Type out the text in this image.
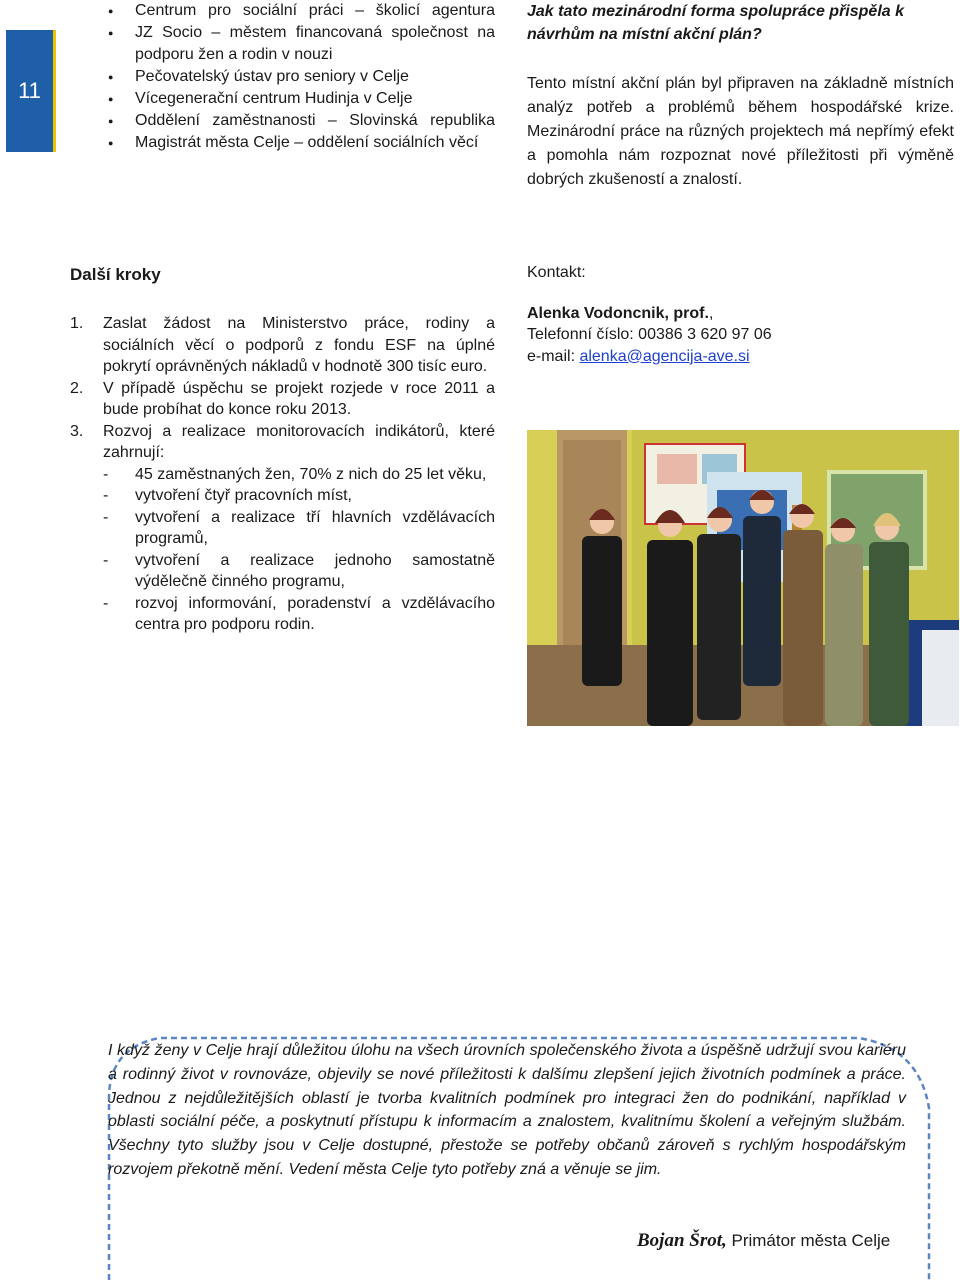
11
● Centrum pro sociální práci – školicí agentura
● JZ Socio – městem financovaná společnost na podporu žen a rodin v nouzi
● Pečovatelský ústav pro seniory v Celje
● Vícegenerační centrum Hudinja v Celje
● Oddělení zaměstnanosti – Slovinská republika
● Magistrát města Celje – oddělení sociálních věcí

Jak tato mezinárodní forma spolupráce přispěla k návrhům na místní akční plán?

Tento místní akční plán byl připraven na základně místních analýz potřeb a problémů během hospodářské krize. Mezinárodní práce na různých projektech má nepřímý efekt a pomohla nám rozpoznat nové příležitosti při výměně dobrých zkušeností a znalostí.

Další kroky
1. Zaslat žádost na Ministerstvo práce, rodiny a sociálních věcí o podporů z fondu ESF na úplné pokrytí oprávněných nákladů v hodnotě 300 tisíc euro.
2. V případě úspěchu se projekt rozjede v roce 2011 a bude probíhat do konce roku 2013.
3. Rozvoj a realizace monitorovacích indikátorů, které zahrnují:
- 45 zaměstnaných žen, 70% z nich do 25 let věku,
- vytvoření čtyř pracovních míst,
- vytvoření a realizace tří hlavních vzdělávacích programů,
- vytvoření a realizace jednoho samostatně výdělečně činného programu,
- rozvoj informování, poradenství a vzdělávacího centra pro podporu rodin.
Kontakt:
Alenka Vodoncnik, prof.,
Telefonní číslo: 00386 3 620 97 06
e-mail: alenka@agencija-ave.si

I když ženy v Celje hrají důležitou úlohu na všech úrovních společenského života a úspěšně udržují svou kariéru a rodinný život v rovnováze, objevily se nové příležitosti k dalšímu zlepšení jejich životních podmínek a práce. Jednou z nejdůležitějších oblastí je tvorba kvalitních podmínek pro integraci žen do podnikání, například v oblasti sociální péče, a poskytnutí přístupu k informacím a znalostem, kvalitnímu školení a veřejným službám. Všechny tyto služby jsou v Celje dostupné, přestože se potřeby občanů zároveň s rychlým hospodářským rozvojem překotně mění. Vedení města Celje tyto potřeby zná a věnuje se jim.

Bojan Šrot, Primátor města Celje
